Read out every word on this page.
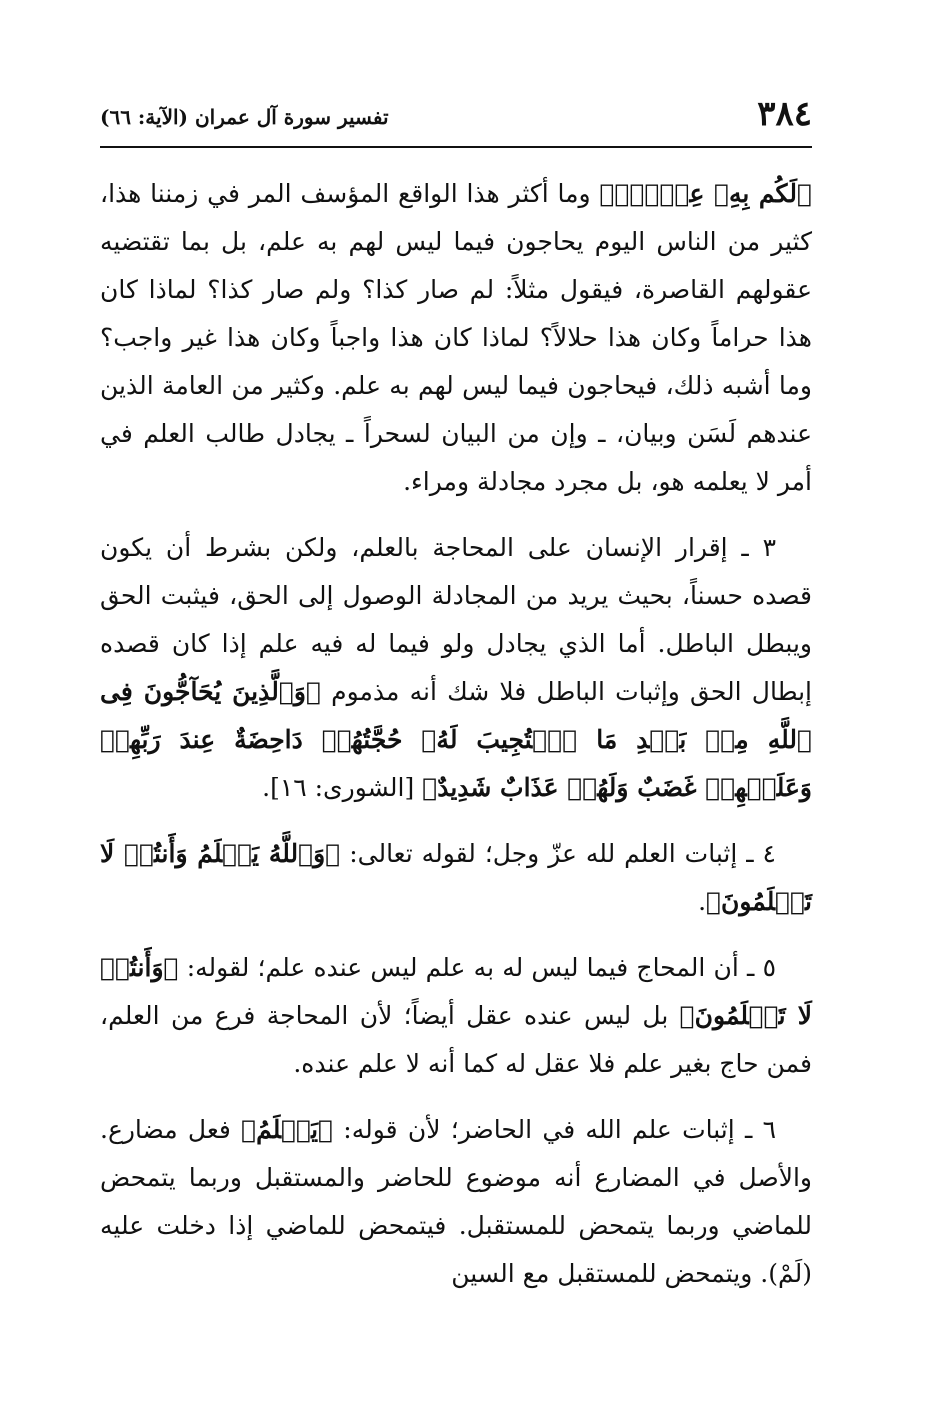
٣٨٤
تفسير سورة آل عمران (الآية: ٦٦)

﴿لَكُم بِهِۦ عِلۡمٌۚ﴾ وما أكثر هذا الواقع المؤسف المر في زمننا هذا، كثير من الناس اليوم يحاجون فيما ليس لهم به علم، بل بما تقتضيه عقولهم القاصرة، فيقول مثلاً: لم صار كذا؟ ولم صار كذا؟ لماذا كان هذا حراماً وكان هذا حلالاً؟ لماذا كان هذا واجباً وكان هذا غير واجب؟ وما أشبه ذلك، فيحاجون فيما ليس لهم به علم. وكثير من العامة الذين عندهم لَسَن وبيان، ـ وإن من البيان لسحراً ـ يجادل طالب العلم في أمر لا يعلمه هو، بل مجرد مجادلة ومراء.

٣ ـ إقرار الإنسان على المحاجة بالعلم، ولكن بشرط أن يكون قصده حسناً، بحيث يريد من المجادلة الوصول إلى الحق، فيثبت الحق ويبطل الباطل. أما الذي يجادل ولو فيما له فيه علم إذا كان قصده إبطال الحق وإثبات الباطل فلا شك أنه مذموم ﴿وَٱلَّذِينَ يُحَآجُّونَ فِى ٱللَّهِ مِنۢ بَعۡدِ مَا ٱسۡتُجِيبَ لَهُۥ حُجَّتُهُمۡ دَاحِضَةٌ عِندَ رَبِّهِمۡ وَعَلَيۡهِمۡ غَضَبٌ وَلَهُمۡ عَذَابٌ شَدِيدٌ﴾ [الشورى: ١٦].

٤ ـ إثبات العلم لله عزّ وجل؛ لقوله تعالى: ﴿وَٱللَّهُ يَعۡلَمُ وَأَنتُمۡ لَا تَعۡلَمُونَ﴾.

٥ ـ أن المحاج فيما ليس له به علم ليس عنده علم؛ لقوله: ﴿وَأَنتُمۡ لَا تَعۡلَمُونَ﴾ بل ليس عنده عقل أيضاً؛ لأن المحاجة فرع من العلم، فمن حاج بغير علم فلا عقل له كما أنه لا علم عنده.

٦ ـ إثبات علم الله في الحاضر؛ لأن قوله: ﴿يَعۡلَمُ﴾ فعل مضارع. والأصل في المضارع أنه موضوع للحاضر والمستقبل وربما يتمحض للماضي وربما يتمحض للمستقبل. فيتمحض للماضي إذا دخلت عليه (لَمْ). ويتمحض للمستقبل مع السين
